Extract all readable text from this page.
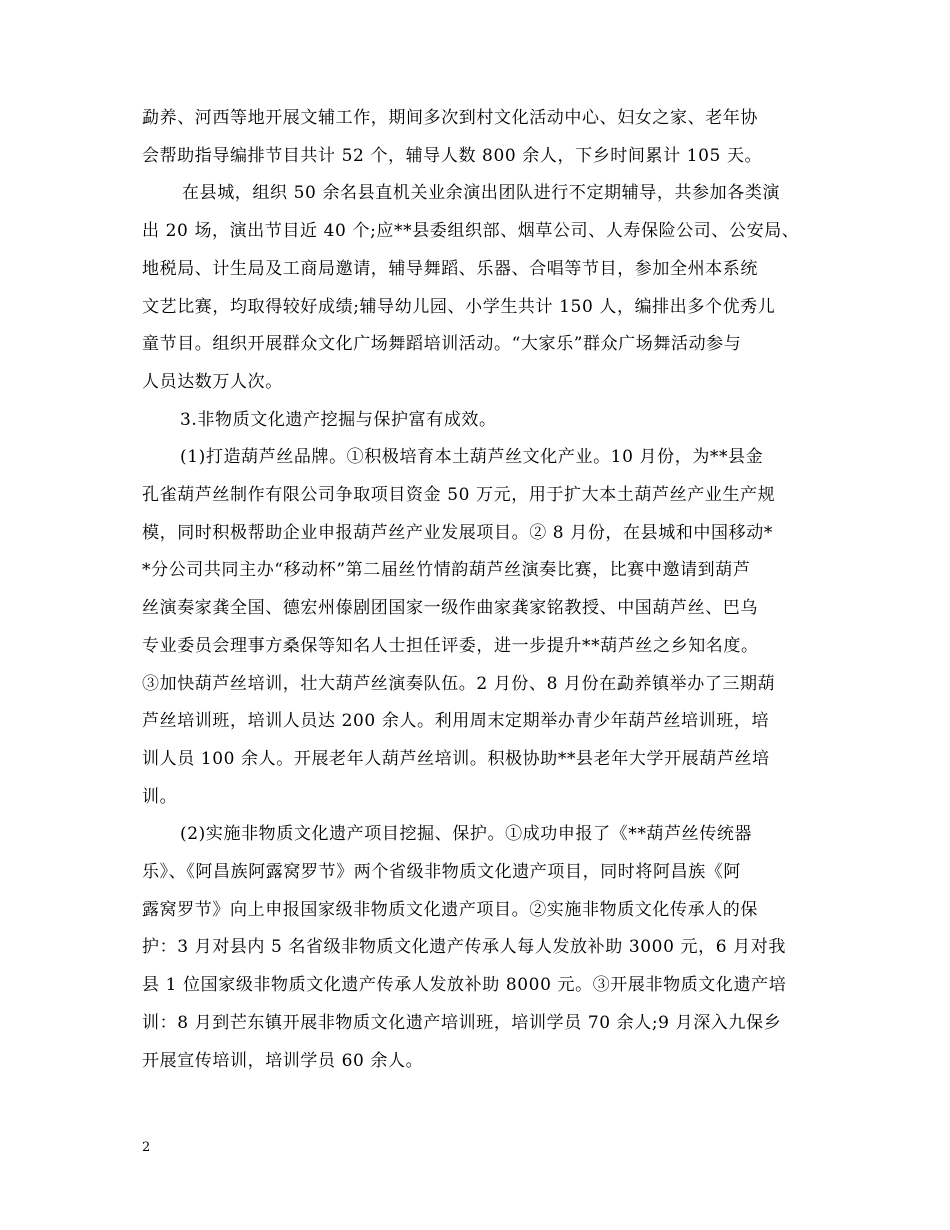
勐养、河西等地开展文辅工作，期间多次到村文化活动中心、妇女之家、老年协
会帮助指导编排节目共计 52 个，辅导人数 800 余人，下乡时间累计 105 天。
在县城，组织 50 余名县直机关业余演出团队进行不定期辅导，共参加各类演
出 20 场，演出节目近 40 个;应**县委组织部、烟草公司、人寿保险公司、公安局、
地税局、计生局及工商局邀请，辅导舞蹈、乐器、合唱等节目，参加全州本系统
文艺比赛，均取得较好成绩;辅导幼儿园、小学生共计 150 人，编排出多个优秀儿
童节目。组织开展群众文化广场舞蹈培训活动。“大家乐”群众广场舞活动参与
人员达数万人次。
3.非物质文化遗产挖掘与保护富有成效。
(1)打造葫芦丝品牌。①积极培育本土葫芦丝文化产业。10 月份，为**县金
孔雀葫芦丝制作有限公司争取项目资金 50 万元，用于扩大本土葫芦丝产业生产规
模，同时积极帮助企业申报葫芦丝产业发展项目。② 8 月份，在县城和中国移动*
*分公司共同主办“移动杯”第二届丝竹情韵葫芦丝演奏比赛，比赛中邀请到葫芦
丝演奏家龚全国、德宏州傣剧团国家一级作曲家龚家铭教授、中国葫芦丝、巴乌
专业委员会理事方桑保等知名人士担任评委，进一步提升**葫芦丝之乡知名度。
③加快葫芦丝培训，壮大葫芦丝演奏队伍。2 月份、8 月份在勐养镇举办了三期葫
芦丝培训班，培训人员达 200 余人。利用周末定期举办青少年葫芦丝培训班，培
训人员 100 余人。开展老年人葫芦丝培训。积极协助**县老年大学开展葫芦丝培
训。
(2)实施非物质文化遗产项目挖掘、保护。①成功申报了《**葫芦丝传统器
乐》、《阿昌族阿露窝罗节》两个省级非物质文化遗产项目，同时将阿昌族《阿
露窝罗节》向上申报国家级非物质文化遗产项目。②实施非物质文化传承人的保
护：3 月对县内 5 名省级非物质文化遗产传承人每人发放补助 3000 元，6 月对我
县 1 位国家级非物质文化遗产传承人发放补助 8000 元。③开展非物质文化遗产培
训：8 月到芒东镇开展非物质文化遗产培训班，培训学员 70 余人;9 月深入九保乡
开展宣传培训，培训学员 60 余人。
2
